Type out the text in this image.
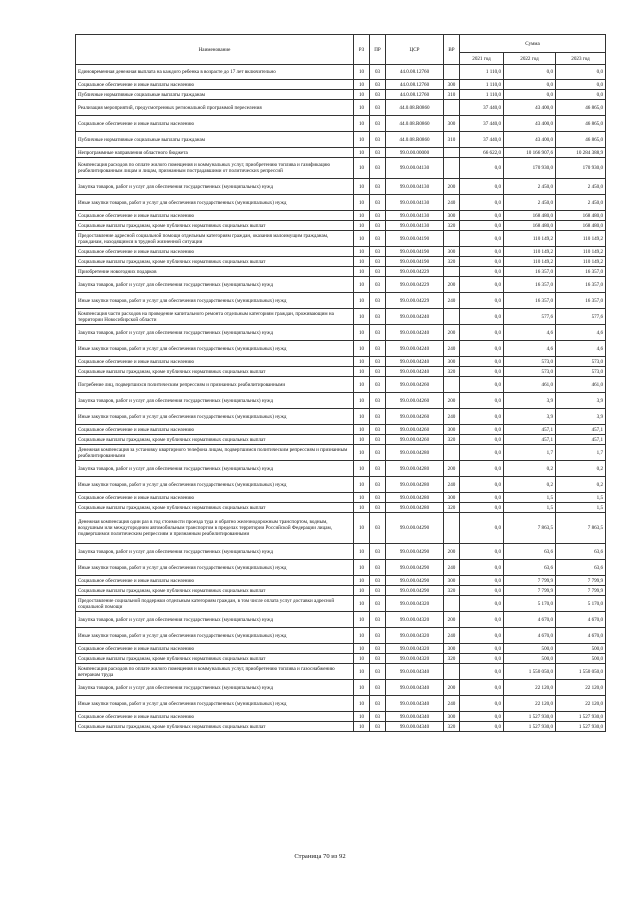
Наименование	РЗ	ПР	ЦСР	ВР	Сумма		
					2021 год	2022 год	2023 год
Единовременная денежная выплата на каждого ребенка в возрасте до 17 лет включительно	10	03	44.0.08.12760		1 110,0	0,0	0,0
Социальное обеспечение и иные выплаты населению	10	03	44.0.08.12760	300	1 110,0	0,0	0,0
Публичные нормативные социальные выплаты гражданам	10	03	44.0.08.12760	310	1 110,0	0,0	0,0
Реализация мероприятий, предусмотренных региональной программой переселения	10	03	44.0.08.R0860		37 440,0	43 400,0	46 865,0
Социальное обеспечение и иные выплаты населению	10	03	44.0.08.R0860	300	37 440,0	43 400,0	46 865,0
Публичные нормативные социальные выплаты гражданам	10	03	44.0.08.R0860	310	37 440,0	43 400,0	46 865,0
Непрограммные направления областного бюджета	10	03	99.0.00.00000		66 622,0	10 166 907,6	10 284 388,9
Компенсация расходов по оплате жилого помещения и коммунальных услуг, приобретению топлива и газификацию реабилитированным лицам и лицам, признанным пострадавшими от политических репрессий	10	03	99.0.00.04130		0,0	170 930,0	170 930,0
Закупка товаров, работ и услуг для обеспечения государственных (муниципальных) нужд	10	03	99.0.00.04130	200	0,0	2 450,0	2 450,0
Иные закупки товаров, работ и услуг для обеспечения государственных (муниципальных) нужд	10	03	99.0.00.04130	240	0,0	2 450,0	2 450,0
Социальное обеспечение и иные выплаты населению	10	03	99.0.00.04130	300	0,0	168 480,0	168 480,0
Социальные выплаты гражданам, кроме публичных нормативных социальных выплат	10	03	99.0.00.04130	320	0,0	168 480,0	168 480,0
Предоставление адресной социальной помощи отдельным категориям граждан, оказания малоимущим гражданам, гражданам, находящимся в трудной жизненной ситуации	10	03	99.0.00.04190		0,0	110 149,2	110 149,2
Социальное обеспечение и иные выплаты населению	10	03	99.0.00.04190	300	0,0	110 149,2	110 149,2
Социальные выплаты гражданам, кроме публичных нормативных социальных выплат	10	03	99.0.00.04190	320	0,0	110 149,2	110 149,2
Приобретение новогодних подарков	10	03	99.0.00.04229		0,0	16 357,0	16 357,0
Закупка товаров, работ и услуг для обеспечения государственных (муниципальных) нужд	10	03	99.0.00.04229	200	0,0	16 357,0	16 357,0
Иные закупки товаров, работ и услуг для обеспечения государственных (муниципальных) нужд	10	03	99.0.00.04229	240	0,0	16 357,0	16 357,0
Компенсация части расходов на проведение капитального ремонта отдельным категориям граждан, проживающим на территории Новосибирской области	10	03	99.0.00.04240		0,0	577,6	577,6
Закупка товаров, работ и услуг для обеспечения государственных (муниципальных) нужд	10	03	99.0.00.04240	200	0,0	4,6	4,6
Иные закупки товаров, работ и услуг для обеспечения государственных (муниципальных) нужд	10	03	99.0.00.04240	240	0,0	4,6	4,6
Социальное обеспечение и иные выплаты населению	10	03	99.0.00.04240	300	0,0	573,0	573,0
Социальные выплаты гражданам, кроме публичных нормативных социальных выплат	10	03	99.0.00.04240	320	0,0	573,0	573,0
Погребение лиц, подвергшихся политическим репрессиям и признанных реабилитированными	10	03	99.0.00.04260		0,0	461,0	461,0
Закупка товаров, работ и услуг для обеспечения государственных (муниципальных) нужд	10	03	99.0.00.04260	200	0,0	3,9	3,9
Иные закупки товаров, работ и услуг для обеспечения государственных (муниципальных) нужд	10	03	99.0.00.04260	240	0,0	3,9	3,9
Социальное обеспечение и иные выплаты населению	10	03	99.0.00.04260	300	0,0	457,1	457,1
Социальные выплаты гражданам, кроме публичных нормативных социальных выплат	10	03	99.0.00.04260	320	0,0	457,1	457,1
Денежная компенсация за установку квартирного телефона лицам, подвергшимся политическим репрессиям и признанным реабилитированными	10	03	99.0.00.04280		0,0	1,7	1,7
Закупка товаров, работ и услуг для обеспечения государственных (муниципальных) нужд	10	03	99.0.00.04280	200	0,0	0,2	0,2
Иные закупки товаров, работ и услуг для обеспечения государственных (муниципальных) нужд	10	03	99.0.00.04280	240	0,0	0,2	0,2
Социальное обеспечение и иные выплаты населению	10	03	99.0.00.04280	300	0,0	1,5	1,5
Социальные выплаты гражданам, кроме публичных нормативных социальных выплат	10	03	99.0.00.04280	320	0,0	1,5	1,5
Денежная компенсация один раз в год стоимости проезда туда и обратно железнодорожным транспортом, водным, воздушным или междугородним автомобильным транспортом в пределах территории Российской Федерации лицам, подвергшимся политическим репрессиям и признанным реабилитированными	10	03	99.0.00.04290		0,0	7 863,5	7 863,5
Закупка товаров, работ и услуг для обеспечения государственных (муниципальных) нужд	10	03	99.0.00.04290	200	0,0	63,6	63,6
Иные закупки товаров, работ и услуг для обеспечения государственных (муниципальных) нужд	10	03	99.0.00.04290	240	0,0	63,6	63,6
Социальное обеспечение и иные выплаты населению	10	03	99.0.00.04290	300	0,0	7 799,9	7 799,9
Социальные выплаты гражданам, кроме публичных нормативных социальных выплат	10	03	99.0.00.04290	320	0,0	7 799,9	7 799,9
Предоставление социальной поддержки отдельным категориям граждан, в том числе оплата услуг доставки адресной социальной помощи	10	03	99.0.00.04320		0,0	5 170,0	5 170,0
Закупка товаров, работ и услуг для обеспечения государственных (муниципальных) нужд	10	03	99.0.00.04320	200	0,0	4 670,0	4 670,0
Иные закупки товаров, работ и услуг для обеспечения государственных (муниципальных) нужд	10	03	99.0.00.04320	240	0,0	4 670,0	4 670,0
Социальное обеспечение и иные выплаты населению	10	03	99.0.00.04320	300	0,0	500,0	500,0
Социальные выплаты гражданам, кроме публичных нормативных социальных выплат	10	03	99.0.00.04320	320	0,0	500,0	500,0
Компенсация расходов по оплате жилого помещения и коммунальных услуг, приобретению топлива и газоснабжению ветеранам труда	10	03	99.0.00.04340		0,0	1 550 050,0	1 550 050,0
Закупка товаров, работ и услуг для обеспечения государственных (муниципальных) нужд	10	03	99.0.00.04340	200	0,0	22 120,0	22 120,0
Иные закупки товаров, работ и услуг для обеспечения государственных (муниципальных) нужд	10	03	99.0.00.04340	240	0,0	22 120,0	22 120,0
Социальное обеспечение и иные выплаты населению	10	03	99.0.00.04340	300	0,0	1 527 930,0	1 527 930,0
Социальные выплаты гражданам, кроме публичных нормативных социальных выплат	10	03	99.0.00.04340	320	0,0	1 527 930,0	1 527 930,0
Страница 70 из 92
